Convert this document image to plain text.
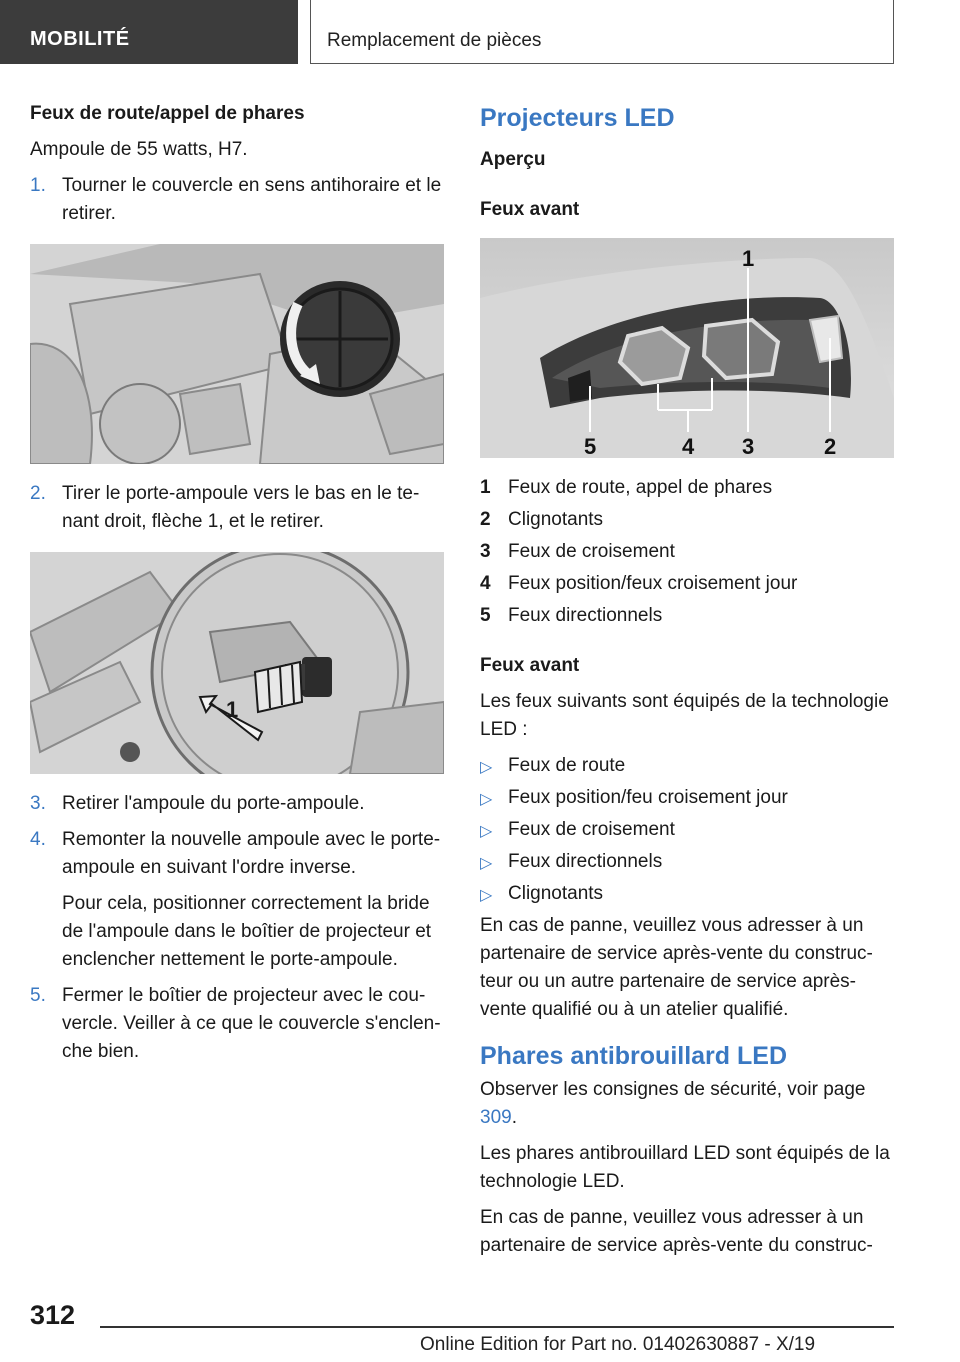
MOBILITÉ	Remplacement de pièces
Feux de route/appel de phares

Ampoule de 55 watts, H7.

1. Tourner le couvercle en sens antihoraire et le retirer.
2. Tirer le porte-ampoule vers le bas en le tenant droit, flèche 1, et le retirer.
1
3. Retirer l'ampoule du porte-ampoule.
4. Remonter la nouvelle ampoule avec le porte-ampoule en suivant l'ordre inverse.
Pour cela, positionner correctement la bride de l'ampoule dans le boîtier de projecteur et enclencher nettement le porte-ampoule.
5. Fermer le boîtier de projecteur avec le couvercle. Veiller à ce que le couvercle s'enclenche bien.
Projecteurs LED
Aperçu
Feux avant
1
5	4 3	2
1 Feux de route, appel de phares
2 Clignotants
3 Feux de croisement
4 Feux position/feux croisement jour
5 Feux directionnels
Feux avant

Les feux suivants sont équipés de la technologie LED :

▷ Feux de route
▷ Feux position/feu croisement jour
▷ Feux de croisement
▷ Feux directionnels
▷ Clignotants

En cas de panne, veuillez vous adresser à un partenaire de service après-vente du constructeur ou un autre partenaire de service après-vente qualifié ou à un atelier qualifié.

Phares antibrouillard LED

Observer les consignes de sécurité, voir page 309.

Les phares antibrouillard LED sont équipés de la technologie LED.

En cas de panne, veuillez vous adresser à un partenaire de service après-vente du construc-

312
Online Edition for Part no. 01402630887 - X/19
